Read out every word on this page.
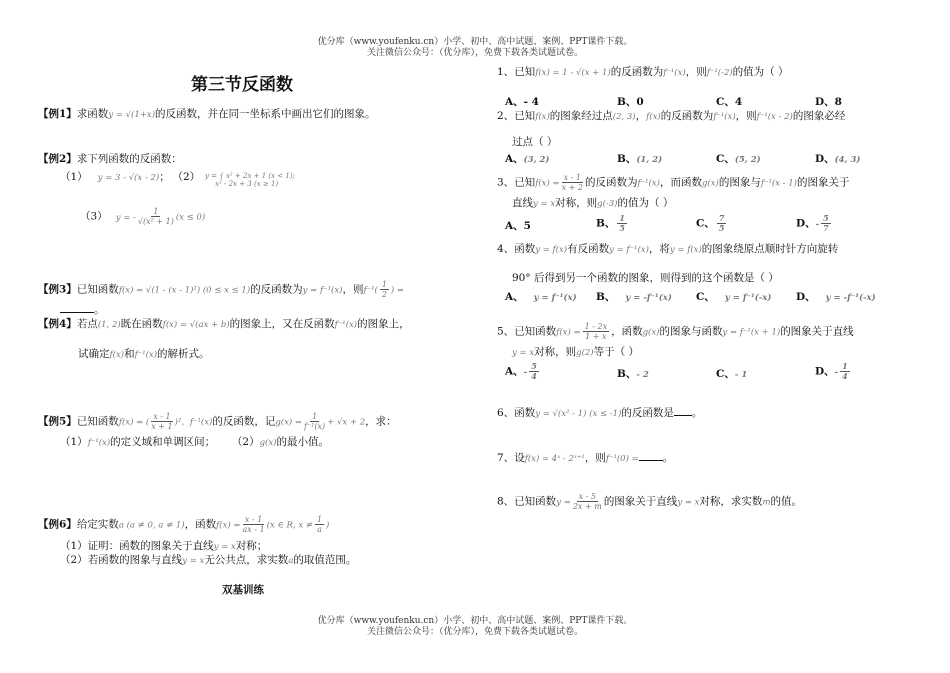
优分库（www.youfenku.cn）小学、初中、高中试题、案例、PPT课件下载。
关注微信公众号：（优分库），免费下载各类试题试卷。
第三节反函数
【例1】求函数y = √(1+x)的反函数，并在同一坐标系中画出它们的图象。
【例2】求下列函数的反函数：
（1） y = 3 - √(x - 2)； （2） y = { x² + 2x + 1 (x < 1);
x² - 2x + 3 (x ≥ 1)
（3） y = - $\frac{1}{\text{√(x² + 1)}} (x \le 0)$
【例3】已知函数f(x) = √(1 - (x - 1)²) (0 ≤ x ≤ 1)的反函数为y = f⁻¹(x)，则$f^{-1}( \frac{1}{2}$ ) =
。
【例4】若点(1, 2)既在函数f(x) = √(ax + b)的图象上，又在反函数f⁻¹(x)的图象上，
试确定f(x)和f⁻¹(x)的解析式。
【例5】已知函数f(x) = ( $\frac{x - 1}{x + 1} )^2$，f⁻¹(x)的反函数，记$g(x) = \frac{1}{\text{f⁻¹(x)}} + √x + 2$，求：
（1）f⁻¹(x)的定义域和单调区间； （2）g(x)的最小值。
【例6】给定实数a (a ≠ 0, a ≠ 1)，函数$f(x) = \frac{x - 1}{ax - 1} (x$ ∈ R, $x \ne \frac{1}{a}$ )
（1）证明：函数的图象关于直线y = x对称；
（2）若函数的图象与直线y = x无公共点，求实数a的取值范围。
双基训练
1、已知f(x) = 1 - √(x + 1)的反函数为f⁻¹(x)，则f⁻¹(-2)的值为（ ）
A、- 4	B、0	C、4	D、8
2、已知f(x)的图象经过点(2, 3)，f(x)的反函数为f⁻¹(x)，则f⁻¹(x - 2)的图象必经
过点（ ）
A、(3, 2)	B、(1, 2)	C、(5, 2)	D、(4, 3)
3、已知$f(x) = \frac{x - 1}{x + 2}$ 的反函数为f⁻¹(x)，而函数g(x)的图象与f⁻¹(x - 1)的图象关于
直线y = x对称，则g(-3)的值为（ ）
A、5	B、 $\frac{1}{5}$	C、 $\frac{7}{5}$	D、- $\frac{5}{7}$
4、函数y = f(x)有反函数y = f⁻¹(x)，将y = f(x)的图象绕原点顺时针方向旋转
90° 后得到另一个函数的图象，则得到的这个函数是（ ）
A、 y = f⁻¹(x) B、 y = -f⁻¹(x) C、 y = f⁻¹(-x) D、 y = -f⁻¹(-x)
5、已知函数$f(x) = \frac{1 - 2x}{1 + x}$ ，函数g(x)的图象与函数y = f⁻¹(x + 1)的图象关于直线
y = x对称，则g(2)等于（ ）
A、- $\frac{5}{4}$	B、- 2	C、- 1	D、- $\frac{1}{4}$
6、函数y = √(x² - 1) (x ≤ -1)的反函数是 。
7、设f(x) = 4ˣ - 2ˣ⁺¹，则f⁻¹(0) = 。
8、已知函数$y = \frac{x - 5}{2x + m}$ 的图象关于直线y = x对称，求实数m的值。
优分库（www.youfenku.cn）小学、初中、高中试题、案例、PPT课件下载。
关注微信公众号：（优分库），免费下载各类试题试卷。
